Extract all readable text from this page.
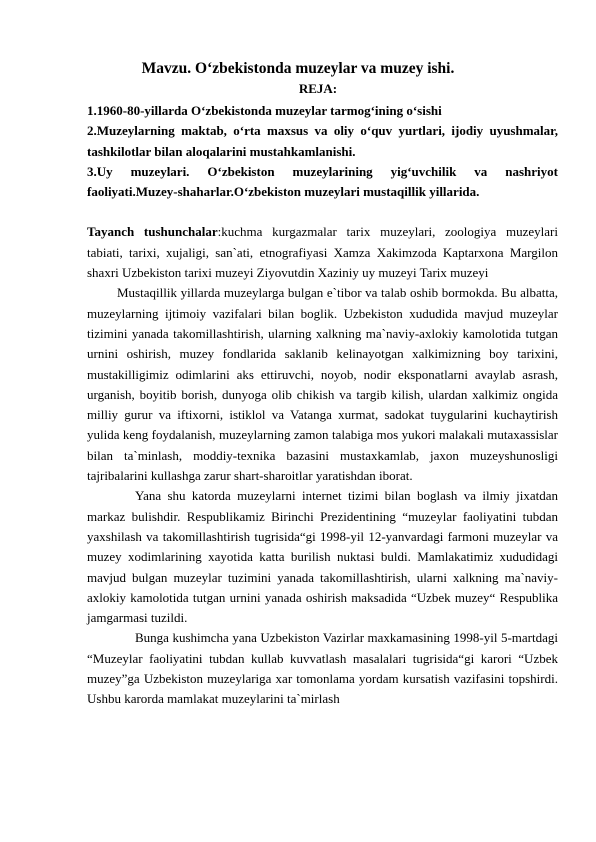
Mavzu. O‘zbekistonda muzeylar va muzey ishi.
REJA:

1.1960-80-yillarda O‘zbekistonda muzeylar tarmog‘ining o‘sishi

2.Muzeylarning maktab, o‘rta maxsus va oliy o‘quv yurtlari, ijodiy uyushmalar, tashkilotlar bilan aloqalarini mustahkamlanishi.

3.Uy muzeylari. O‘zbekiston muzeylarining yig‘uvchilik va nashriyot faoliyati.Muzey-shaharlar.O‘zbekiston muzeylari mustaqillik yillarida.

Tayanch tushunchalar:kuchma kurgazmalar tarix muzeylari, zoologiya muzeylari tabiati, tarixi, xujaligi, san`ati, etnografiyasi Xamza Xakimzoda Kaptarxona Margilon shaxri Uzbekiston tarixi muzeyi Ziyovutdin Xaziniy uy muzeyi Tarix muzeyi

Mustaqillik yillarda muzeylarga bulgan e`tibor va talab oshib bormokda. Bu albatta, muzeylarning ijtimoiy vazifalari bilan boglik. Uzbekiston xududida mavjud muzeylar tizimini yanada takomillashtirish, ularning xalkning ma`naviy-axlokiy kamolotida tutgan urnini oshirish, muzey fondlarida saklanib kelinayotgan xalkimizning boy tarixini, mustakilligimiz odimlarini aks ettiruvchi, noyob, nodir eksponatlarni avaylab asrash, urganish, boyitib borish, dunyoga olib chikish va targib kilish, ulardan xalkimiz ongida milliy gurur va iftixorni, istiklol va Vatanga xurmat, sadokat tuygularini kuchaytirish yulida keng foydalanish, muzeylarning zamon talabiga mos yukori malakali mutaxassislar bilan ta`minlash, moddiy-texnika bazasini mustaxkamlab, jaxon muzeyshunosligi tajribalarini kullashga zarur shart-sharoitlar yaratishdan iborat.

Yana shu katorda muzeylarni internet tizimi bilan boglash va ilmiy jixatdan markaz bulishdir. Respublikamiz Birinchi Prezidentining “muzeylar faoliyatini tubdan yaxshilash va takomillashtirish tugrisida“gi 1998-yil 12-yanvardagi farmoni muzeylar va muzey xodimlarining xayotida katta burilish nuktasi buldi. Mamlakatimiz xududidagi mavjud bulgan muzeylar tuzimini yanada takomillashtirish, ularni xalkning ma`naviy-axlokiy kamolotida tutgan urnini yanada oshirish maksadida “Uzbek muzey“ Respublika jamgarmasi tuzildi.

Bunga kushimcha yana Uzbekiston Vazirlar maxkamasining 1998-yil 5-martdagi “Muzeylar faoliyatini tubdan kullab kuvvatlash masalalari tugrisida“gi karori “Uzbek muzey”ga Uzbekiston muzeylariga xar tomonlama yordam kursatish vazifasini topshirdi. Ushbu karorda mamlakat muzeylarini ta`mirlash
